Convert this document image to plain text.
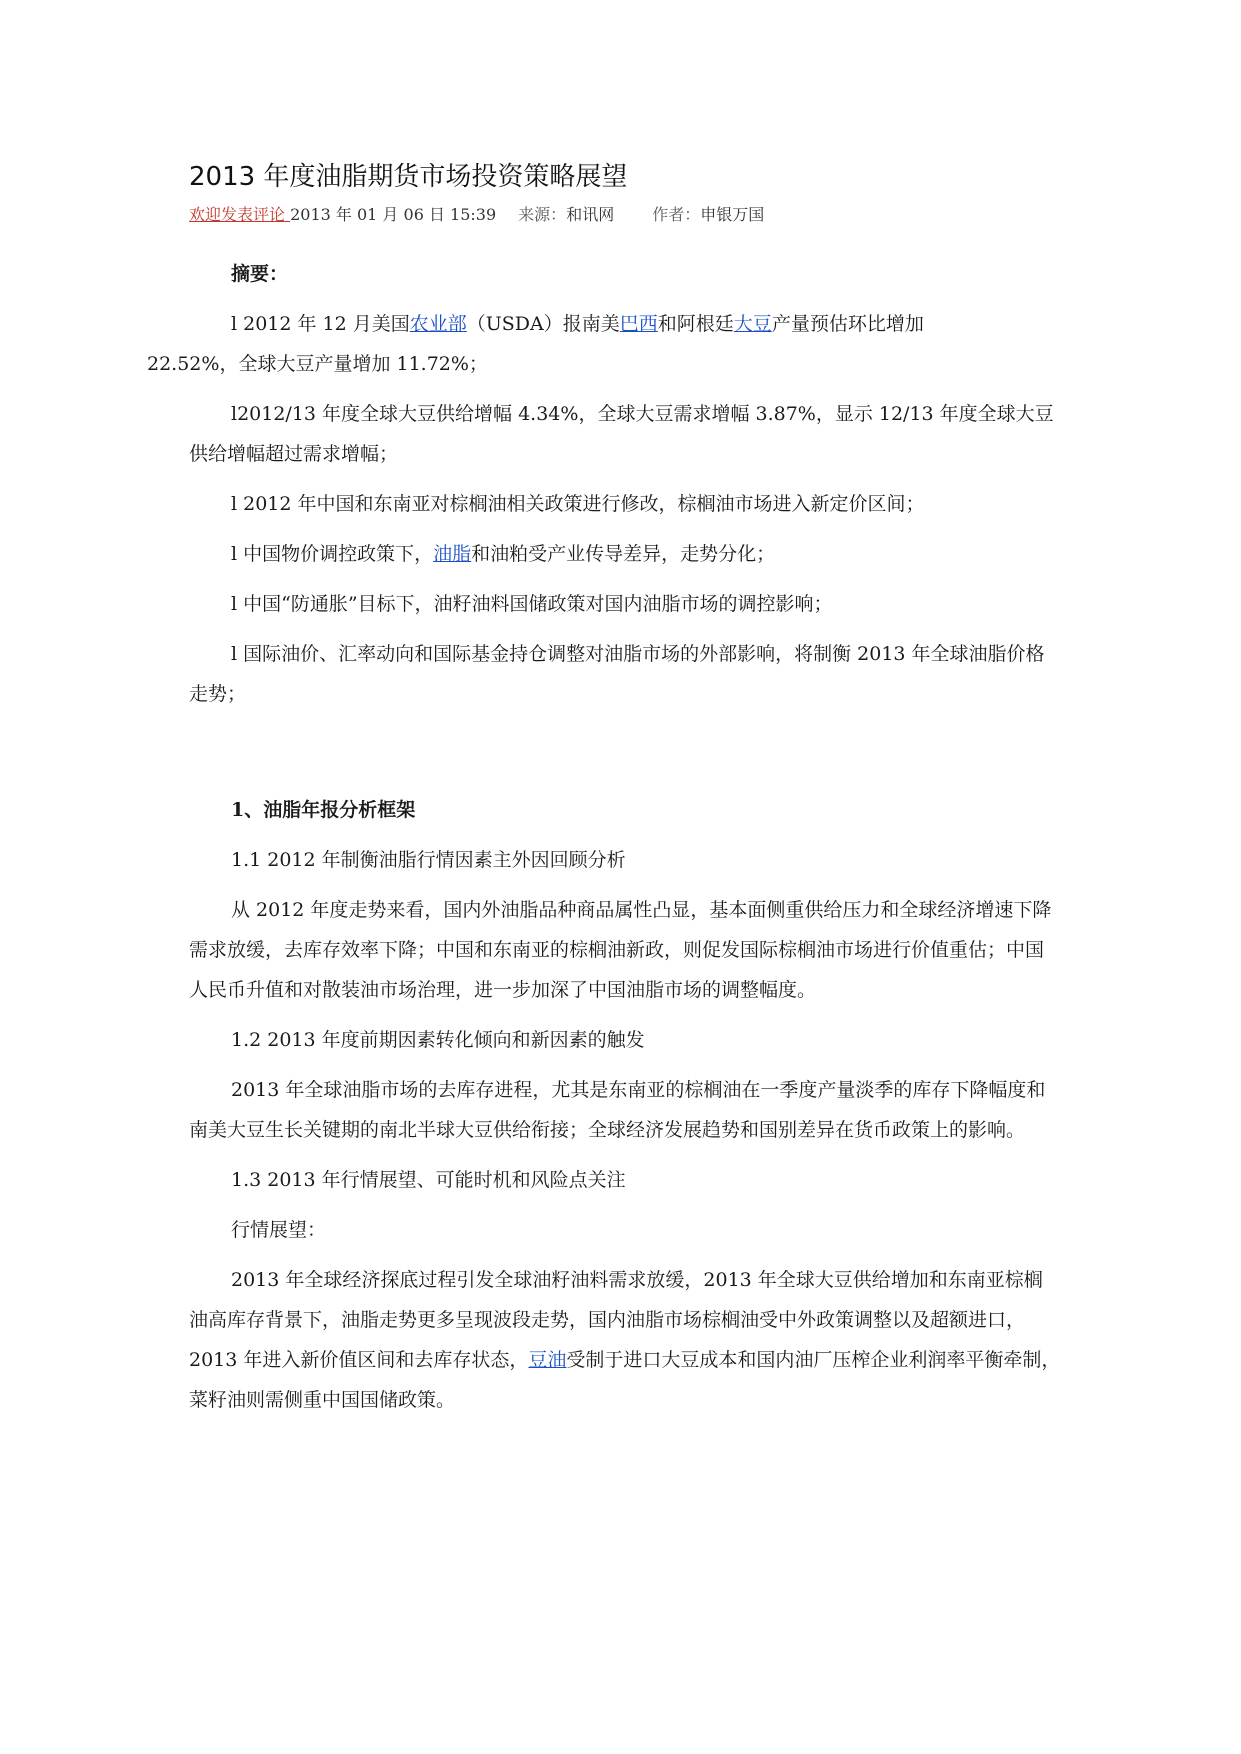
2013 年度油脂期货市场投资策略展望
欢迎发表评论 2013 年 01 月 06 日 15:39 来源：和讯网 作者：申银万国

摘要：

l 2012 年 12 月美国农业部（USDA）报南美巴西和阿根廷大豆产量预估环比增加
22.52%，全球大豆产量增加 11.72%；

l2012/13 年度全球大豆供给增幅 4.34%，全球大豆需求增幅 3.87%，显示 12/13 年度全球大豆供给增幅超过需求增幅；

l 2012 年中国和东南亚对棕榈油相关政策进行修改，棕榈油市场进入新定价区间；

l 中国物价调控政策下，油脂和油粕受产业传导差异，走势分化；

l 中国“防通胀”目标下，油籽油料国储政策对国内油脂市场的调控影响；

l 国际油价、汇率动向和国际基金持仓调整对油脂市场的外部影响，将制衡 2013 年全球油脂价格走势；

1、油脂年报分析框架

1.1 2012 年制衡油脂行情因素主外因回顾分析

从 2012 年度走势来看，国内外油脂品种商品属性凸显，基本面侧重供给压力和全球经济增速下降需求放缓，去库存效率下降；中国和东南亚的棕榈油新政，则促发国际棕榈油市场进行价值重估；中国人民币升值和对散装油市场治理，进一步加深了中国油脂市场的调整幅度。

1.2 2013 年度前期因素转化倾向和新因素的触发

2013 年全球油脂市场的去库存进程，尤其是东南亚的棕榈油在一季度产量淡季的库存下降幅度和南美大豆生长关键期的南北半球大豆供给衔接；全球经济发展趋势和国别差异在货币政策上的影响。

1.3 2013 年行情展望、可能时机和风险点关注

行情展望：

2013 年全球经济探底过程引发全球油籽油料需求放缓，2013 年全球大豆供给增加和东南亚棕榈油高库存背景下，油脂走势更多呈现波段走势，国内油脂市场棕榈油受中外政策调整以及超额进口，2013 年进入新价值区间和去库存状态，豆油受制于进口大豆成本和国内油厂压榨企业利润率平衡牵制，菜籽油则需侧重中国国储政策。
